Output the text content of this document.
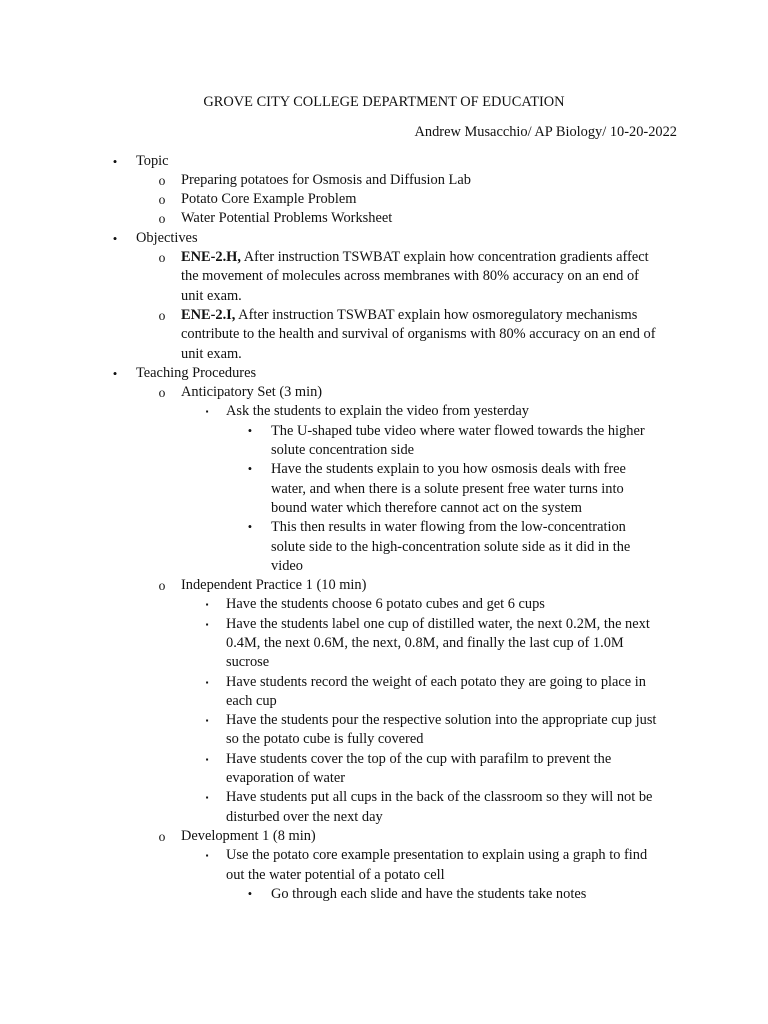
GROVE CITY COLLEGE DEPARTMENT OF EDUCATION
Andrew Musacchio/ AP Biology/ 10-20-2022
•	Topic
o Preparing potatoes for Osmosis and Diffusion Lab
o Potato Core Example Problem
o Water Potential Problems Worksheet
•	Objectives
o ENE-2.H, After instruction TSWBAT explain how concentration gradients affect
the movement of molecules across membranes with 80% accuracy on an end of
unit exam.
o ENE-2.I, After instruction TSWBAT explain how osmoregulatory mechanisms
contribute to the health and survival of organisms with 80% accuracy on an end of
unit exam.
•	Teaching Procedures
o Anticipatory Set (3 min)
▪	Ask the students to explain the video from yesterday
• The U-shaped tube video where water flowed towards the higher
solute concentration side
• Have the students explain to you how osmosis deals with free
water, and when there is a solute present free water turns into
bound water which therefore cannot act on the system
• This then results in water flowing from the low-concentration
solute side to the high-concentration solute side as it did in the
video
o Independent Practice 1 (10 min)
▪	Have the students choose 6 potato cubes and get 6 cups
▪	Have the students label one cup of distilled water, the next 0.2M, the next
0.4M, the next 0.6M, the next, 0.8M, and finally the last cup of 1.0M
sucrose
▪	Have students record the weight of each potato they are going to place in
each cup
▪	Have the students pour the respective solution into the appropriate cup just
so the potato cube is fully covered
▪	Have students cover the top of the cup with parafilm to prevent the
evaporation of water
▪	Have students put all cups in the back of the classroom so they will not be
disturbed over the next day
o Development 1 (8 min)
▪	Use the potato core example presentation to explain using a graph to find
out the water potential of a potato cell
• Go through each slide and have the students take notes
